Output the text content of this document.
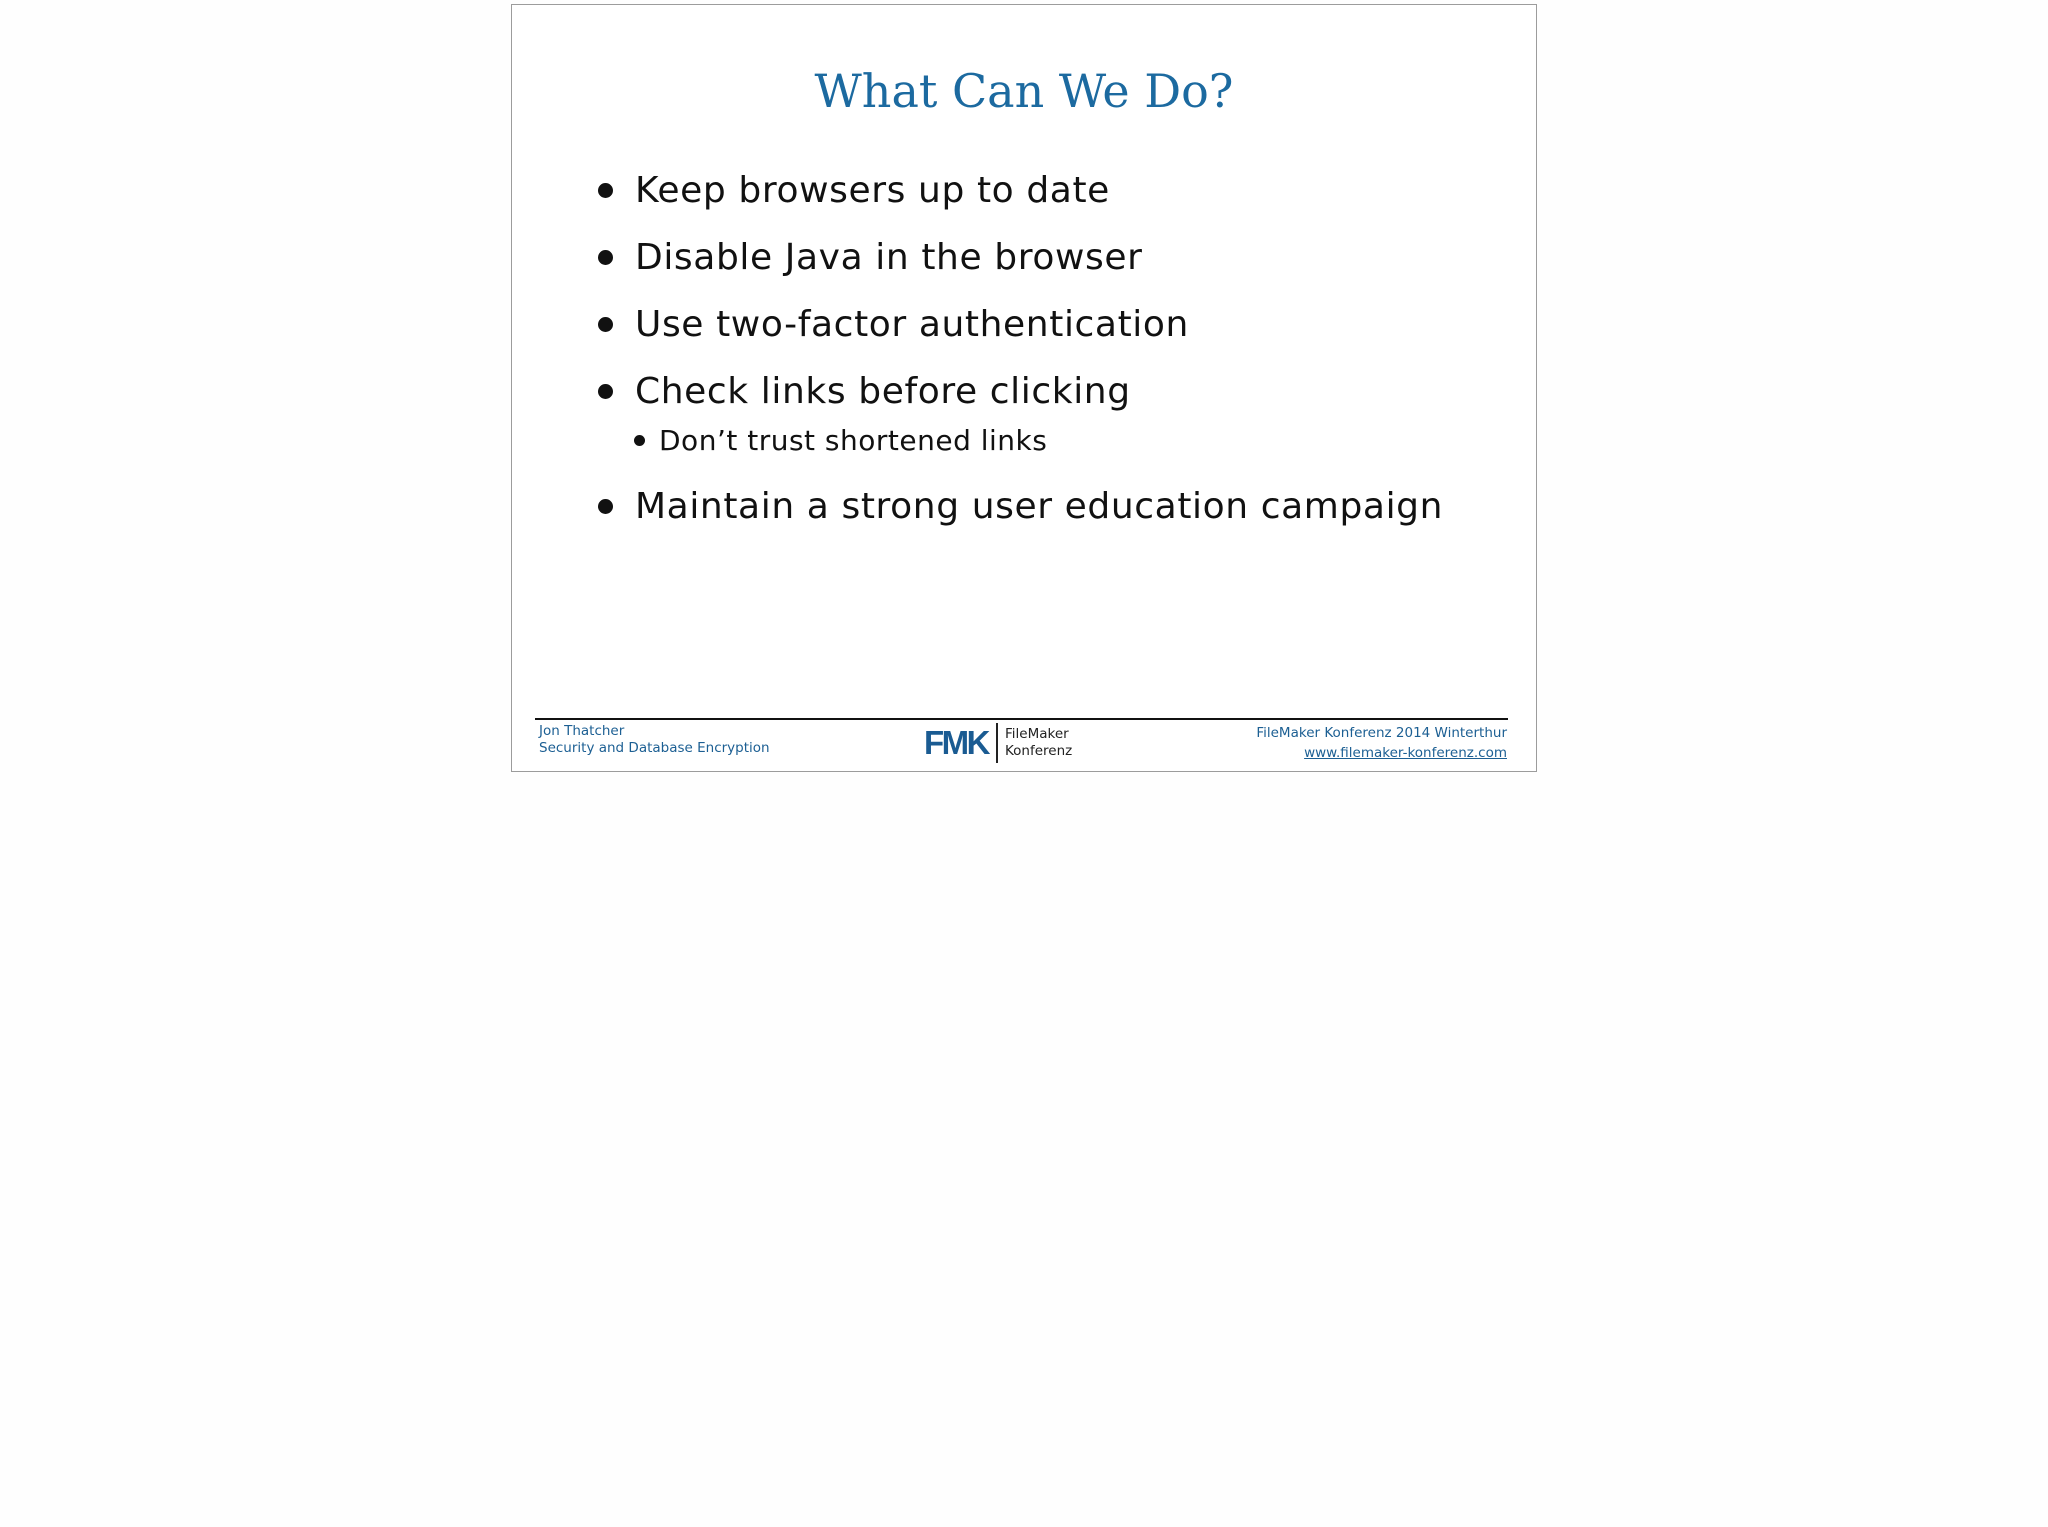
What Can We Do?
Keep browsers up to date
Disable Java in the browser
Use two-factor authentication
Check links before clicking
Don’t trust shortened links
Maintain a strong user education campaign
Jon Thatcher
Security and Database Encryption	FMK FileMaker
Konferenz
FileMaker Konferenz 2014 Winterthur
www.filemaker-konferenz.com
